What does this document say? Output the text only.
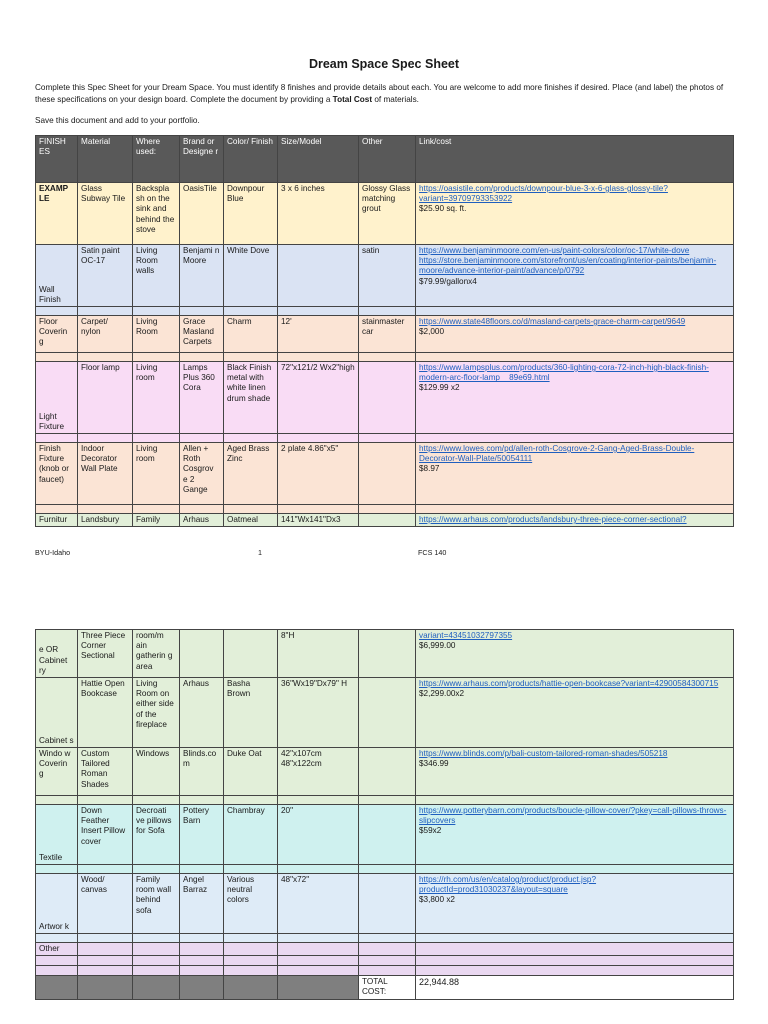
Dream Space Spec Sheet
Complete this Spec Sheet for your Dream Space. You must identify 8 finishes and provide details about each. You are welcome to add more finishes if desired. Place (and label) the photos of these specifications on your design board. Complete the document by providing a Total Cost of materials.
Save this document and add to your portfolio.
FINISH ES	Material	Where used:	Brand or Designe r	Color/ Finish	Size/Model	Other	Link/cost
EXAMP LE	Glass Subway Tile	Backspla sh on the sink and behind the stove	OasisTile	Downpour Blue	3 x 6 inches	Glossy Glass matching grout	https://oasistile.com/products/downpour-blue-3-x-6-glass-glossy-tile?variant=39709793353922
$25.90 sq. ft.
Wall Finish	Satin paint OC-17	Living Room walls	Benjami n Moore	White Dove		satin	https://www.benjaminmoore.com/en-us/paint-colors/color/oc-17/white-dove
https://store.benjaminmoore.com/storefront/us/en/coating/interior-paints/benjamin-moore/advance-interior-paint/advance/p/0792
$79.99/gallonx4

Floor Coverin g	Carpet/ nylon	Living Room	Grace Masland Carpets	Charm	12'	stainmaster car	https://www.state48floors.co/d/masland-carpets-grace-charm-carpet/9649
$2,000

Light Fixture	Floor lamp	Living room	Lamps Plus 360 Cora	Black Finish metal with white linen drum shade	72"x121/2 Wx2"high		https://www.lampsplus.com/products/360-lighting-cora-72-inch-high-black-finish-modern-arc-floor-lamp__89e69.html
$129.99 x2

Finish Fixture (knob or faucet)	Indoor Decorator Wall Plate	Living room	Allen + Roth Cosgrov e 2 Gange	Aged Brass Zinc	2 plate 4.86"x5"		https://www.lowes.com/pd/allen-roth-Cosgrove-2-Gang-Aged-Brass-Double-Decorator-Wall-Plate/50054111
$8.97

Furnitur	Landsbury	Family	Arhaus	Oatmeal	141"Wx141"Dx3		https://www.arhaus.com/products/landsbury-three-piece-corner-sectional?
BYU-Idaho	1	FCS 140
e OR Cabinet ry	Three Piece Corner Sectional	room/m ain gatherin g area			8"H		variant=43451032797355
$6,999.00
Cabinet s	Hattie Open Bookcase	Living Room on either side of the fireplace	Arhaus	Basha Brown	36"Wx19"Dx79" H		https://www.arhaus.com/products/hattie-open-bookcase?variant=42900584300715
$2,299.00x2
Windo w Coverin g	Custom Tailored Roman Shades	Windows	Blinds.co m	Duke Oat	42"x107cm 48"x122cm		https://www.blinds.com/p/bali-custom-tailored-roman-shades/505218
$346.99

Textile	Down Feather Insert Pillow cover	Decroati ve pillows for Sofa	Pottery Barn	Chambray	20"		https://www.potterybarn.com/products/boucle-pillow-cover/?pkey=call-pillows-throws-slipcovers
$59x2

Artwor k	Wood/ canvas	Family room wall behind sofa	Angel Barraz	Various neutral colors	48"x72"		https://rh.com/us/en/catalog/product/product.jsp?productId=prod31030237&layout=square
$3,800 x2

Other							

						TOTAL COST:	22,944.88
